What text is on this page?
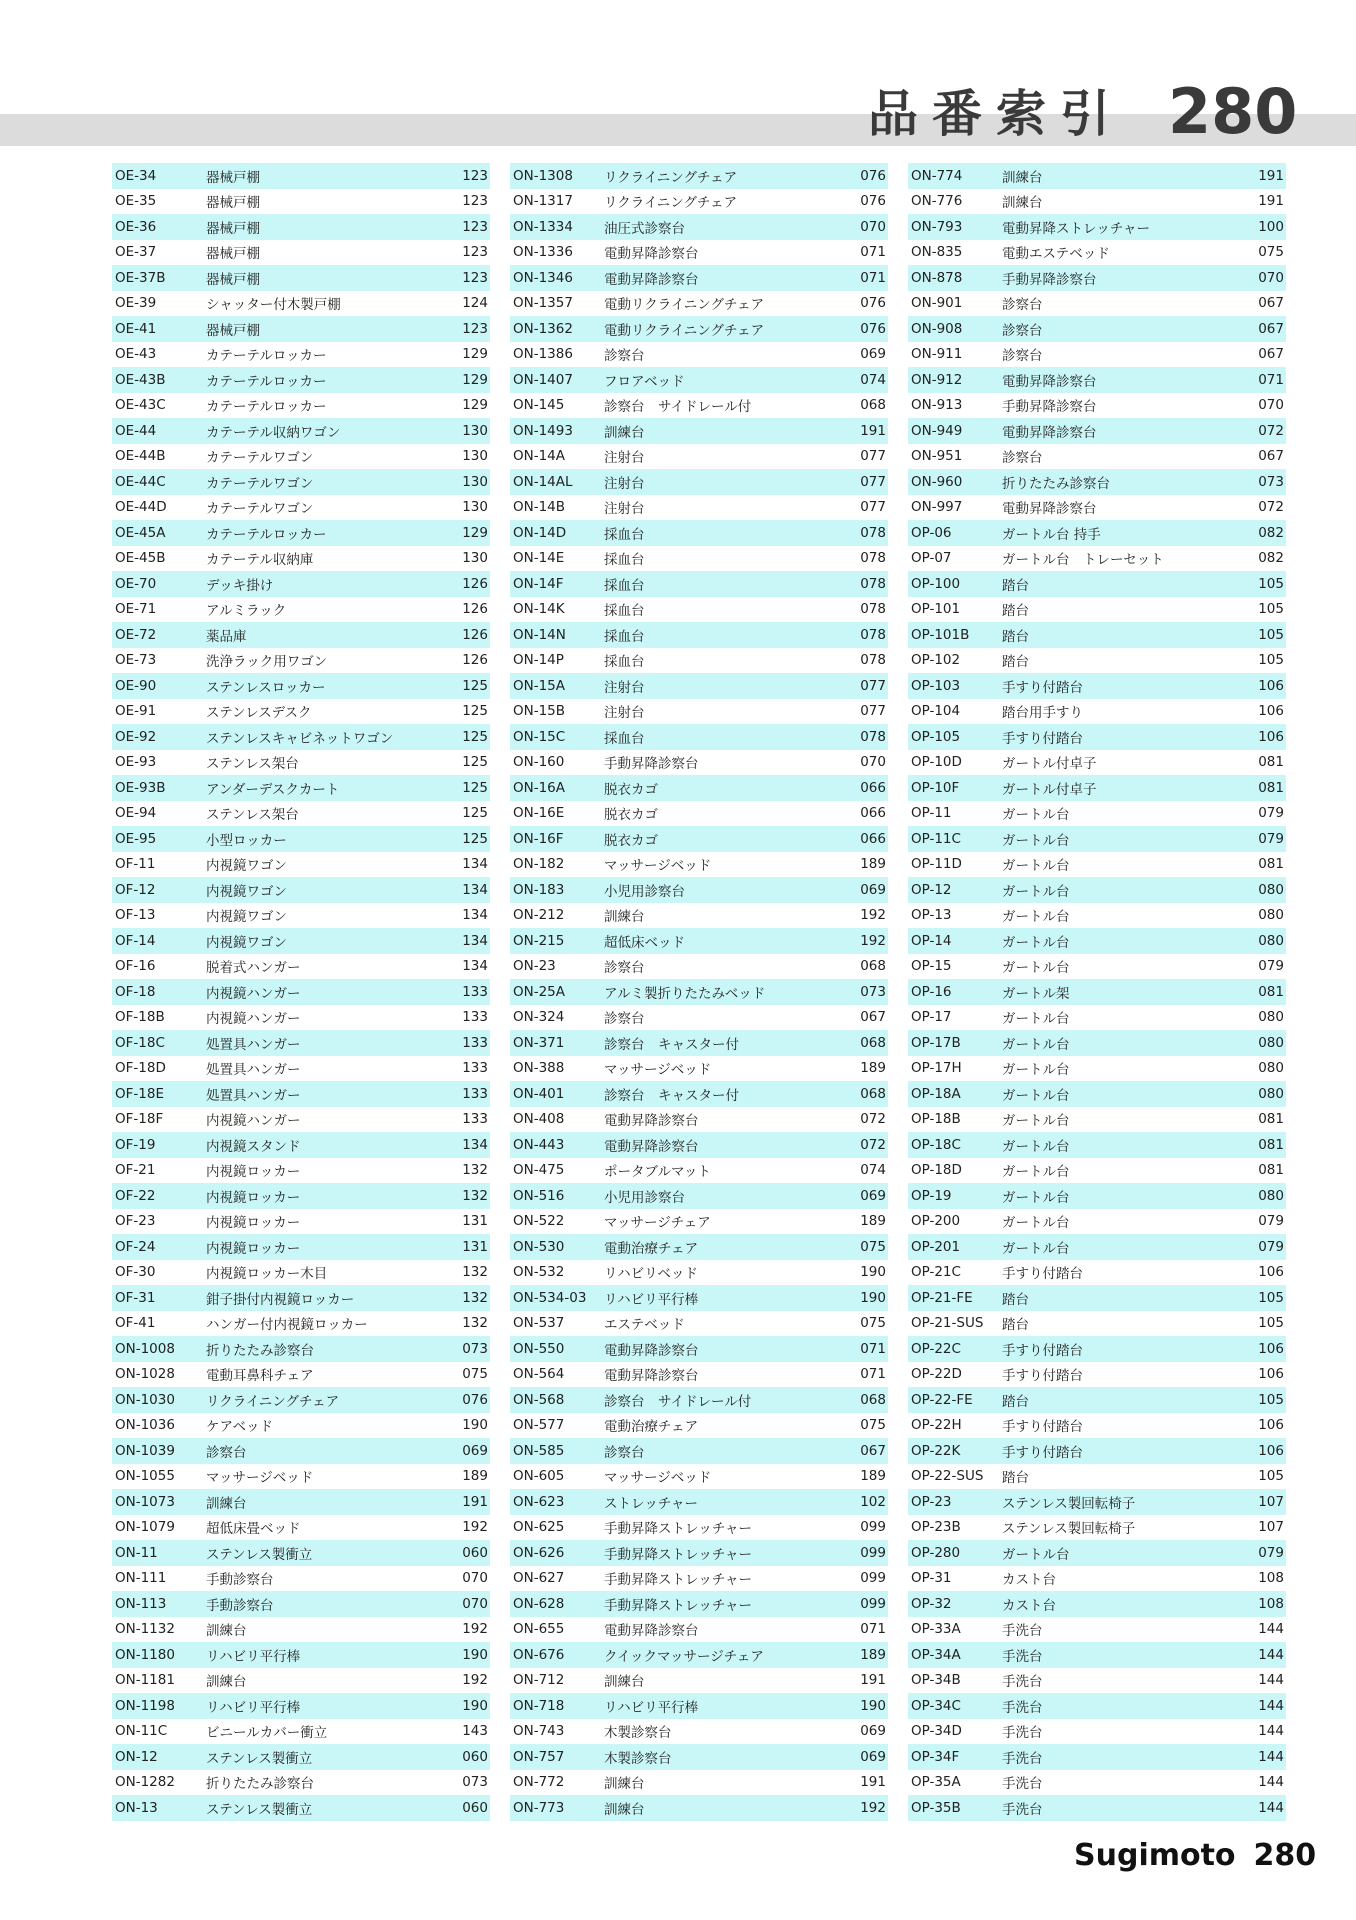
品番索引 280
OE-34	器械戸棚	123
OE-35	器械戸棚	123
OE-36	器械戸棚	123
OE-37	器械戸棚	123
OE-37B	器械戸棚	123
OE-39	シャッター付木製戸棚	124
OE-41	器械戸棚	123
OE-43	カテーテルロッカー	129
OE-43B	カテーテルロッカー	129
OE-43C	カテーテルロッカー	129
OE-44	カテーテル収納ワゴン	130
OE-44B	カテーテルワゴン	130
OE-44C	カテーテルワゴン	130
OE-44D	カテーテルワゴン	130
OE-45A	カテーテルロッカー	129
OE-45B	カテーテル収納庫	130
OE-70	デッキ掛け	126
OE-71	アルミラック	126
OE-72	薬品庫	126
OE-73	洗浄ラック用ワゴン	126
OE-90	ステンレスロッカー	125
OE-91	ステンレスデスク	125
OE-92	ステンレスキャビネットワゴン	125
OE-93	ステンレス架台	125
OE-93B	アンダーデスクカート	125
OE-94	ステンレス架台	125
OE-95	小型ロッカー	125
OF-11	内視鏡ワゴン	134
OF-12	内視鏡ワゴン	134
OF-13	内視鏡ワゴン	134
OF-14	内視鏡ワゴン	134
OF-16	脱着式ハンガー	134
OF-18	内視鏡ハンガー	133
OF-18B	内視鏡ハンガー	133
OF-18C	処置具ハンガー	133
OF-18D	処置具ハンガー	133
OF-18E	処置具ハンガー	133
OF-18F	内視鏡ハンガー	133
OF-19	内視鏡スタンド	134
OF-21	内視鏡ロッカー	132
OF-22	内視鏡ロッカー	132
OF-23	内視鏡ロッカー	131
OF-24	内視鏡ロッカー	131
OF-30	内視鏡ロッカー木目	132
OF-31	鉗子掛付内視鏡ロッカー	132
OF-41	ハンガー付内視鏡ロッカー	132
ON-1008	折りたたみ診察台	073
ON-1028	電動耳鼻科チェア	075
ON-1030	リクライニングチェア	076
ON-1036	ケアベッド	190
ON-1039	診察台	069
ON-1055	マッサージベッド	189
ON-1073	訓練台	191
ON-1079	超低床畳ベッド	192
ON-11	ステンレス製衝立	060
ON-111	手動診察台	070
ON-113	手動診察台	070
ON-1132	訓練台	192
ON-1180	リハビリ平行棒	190
ON-1181	訓練台	192
ON-1198	リハビリ平行棒	190
ON-11C	ビニールカバー衝立	143
ON-12	ステンレス製衝立	060
ON-1282	折りたたみ診察台	073
ON-13	ステンレス製衝立	060
ON-1308	リクライニングチェア	076
ON-1317	リクライニングチェア	076
ON-1334	油圧式診察台	070
ON-1336	電動昇降診察台	071
ON-1346	電動昇降診察台	071
ON-1357	電動リクライニングチェア	076
ON-1362	電動リクライニングチェア	076
ON-1386	診察台	069
ON-1407	フロアベッド	074
ON-145	診察台　サイドレール付	068
ON-1493	訓練台	191
ON-14A	注射台	077
ON-14AL	注射台	077
ON-14B	注射台	077
ON-14D	採血台	078
ON-14E	採血台	078
ON-14F	採血台	078
ON-14K	採血台	078
ON-14N	採血台	078
ON-14P	採血台	078
ON-15A	注射台	077
ON-15B	注射台	077
ON-15C	採血台	078
ON-160	手動昇降診察台	070
ON-16A	脱衣カゴ	066
ON-16E	脱衣カゴ	066
ON-16F	脱衣カゴ	066
ON-182	マッサージベッド	189
ON-183	小児用診察台	069
ON-212	訓練台	192
ON-215	超低床ベッド	192
ON-23	診察台	068
ON-25A	アルミ製折りたたみベッド	073
ON-324	診察台	067
ON-371	診察台　キャスター付	068
ON-388	マッサージベッド	189
ON-401	診察台　キャスター付	068
ON-408	電動昇降診察台	072
ON-443	電動昇降診察台	072
ON-475	ポータブルマット	074
ON-516	小児用診察台	069
ON-522	マッサージチェア	189
ON-530	電動治療チェア	075
ON-532	リハビリベッド	190
ON-534-03	リハビリ平行棒	190
ON-537	エステベッド	075
ON-550	電動昇降診察台	071
ON-564	電動昇降診察台	071
ON-568	診察台　サイドレール付	068
ON-577	電動治療チェア	075
ON-585	診察台	067
ON-605	マッサージベッド	189
ON-623	ストレッチャー	102
ON-625	手動昇降ストレッチャー	099
ON-626	手動昇降ストレッチャー	099
ON-627	手動昇降ストレッチャー	099
ON-628	手動昇降ストレッチャー	099
ON-655	電動昇降診察台	071
ON-676	クイックマッサージチェア	189
ON-712	訓練台	191
ON-718	リハビリ平行棒	190
ON-743	木製診察台	069
ON-757	木製診察台	069
ON-772	訓練台	191
ON-773	訓練台	192
ON-774	訓練台	191
ON-776	訓練台	191
ON-793	電動昇降ストレッチャー	100
ON-835	電動エステベッド	075
ON-878	手動昇降診察台	070
ON-901	診察台	067
ON-908	診察台	067
ON-911	診察台	067
ON-912	電動昇降診察台	071
ON-913	手動昇降診察台	070
ON-949	電動昇降診察台	072
ON-951	診察台	067
ON-960	折りたたみ診察台	073
ON-997	電動昇降診察台	072
OP-06	ガートル台 持手	082
OP-07	ガートル台　トレーセット	082
OP-100	踏台	105
OP-101	踏台	105
OP-101B	踏台	105
OP-102	踏台	105
OP-103	手すり付踏台	106
OP-104	踏台用手すり	106
OP-105	手すり付踏台	106
OP-10D	ガートル付卓子	081
OP-10F	ガートル付卓子	081
OP-11	ガートル台	079
OP-11C	ガートル台	079
OP-11D	ガートル台	081
OP-12	ガートル台	080
OP-13	ガートル台	080
OP-14	ガートル台	080
OP-15	ガートル台	079
OP-16	ガートル架	081
OP-17	ガートル台	080
OP-17B	ガートル台	080
OP-17H	ガートル台	080
OP-18A	ガートル台	080
OP-18B	ガートル台	081
OP-18C	ガートル台	081
OP-18D	ガートル台	081
OP-19	ガートル台	080
OP-200	ガートル台	079
OP-201	ガートル台	079
OP-21C	手すり付踏台	106
OP-21-FE	踏台	105
OP-21-SUS	踏台	105
OP-22C	手すり付踏台	106
OP-22D	手すり付踏台	106
OP-22-FE	踏台	105
OP-22H	手すり付踏台	106
OP-22K	手すり付踏台	106
OP-22-SUS	踏台	105
OP-23	ステンレス製回転椅子	107
OP-23B	ステンレス製回転椅子	107
OP-280	ガートル台	079
OP-31	カスト台	108
OP-32	カスト台	108
OP-33A	手洗台	144
OP-34A	手洗台	144
OP-34B	手洗台	144
OP-34C	手洗台	144
OP-34D	手洗台	144
OP-34F	手洗台	144
OP-35A	手洗台	144
OP-35B	手洗台	144
Sugimoto 280
